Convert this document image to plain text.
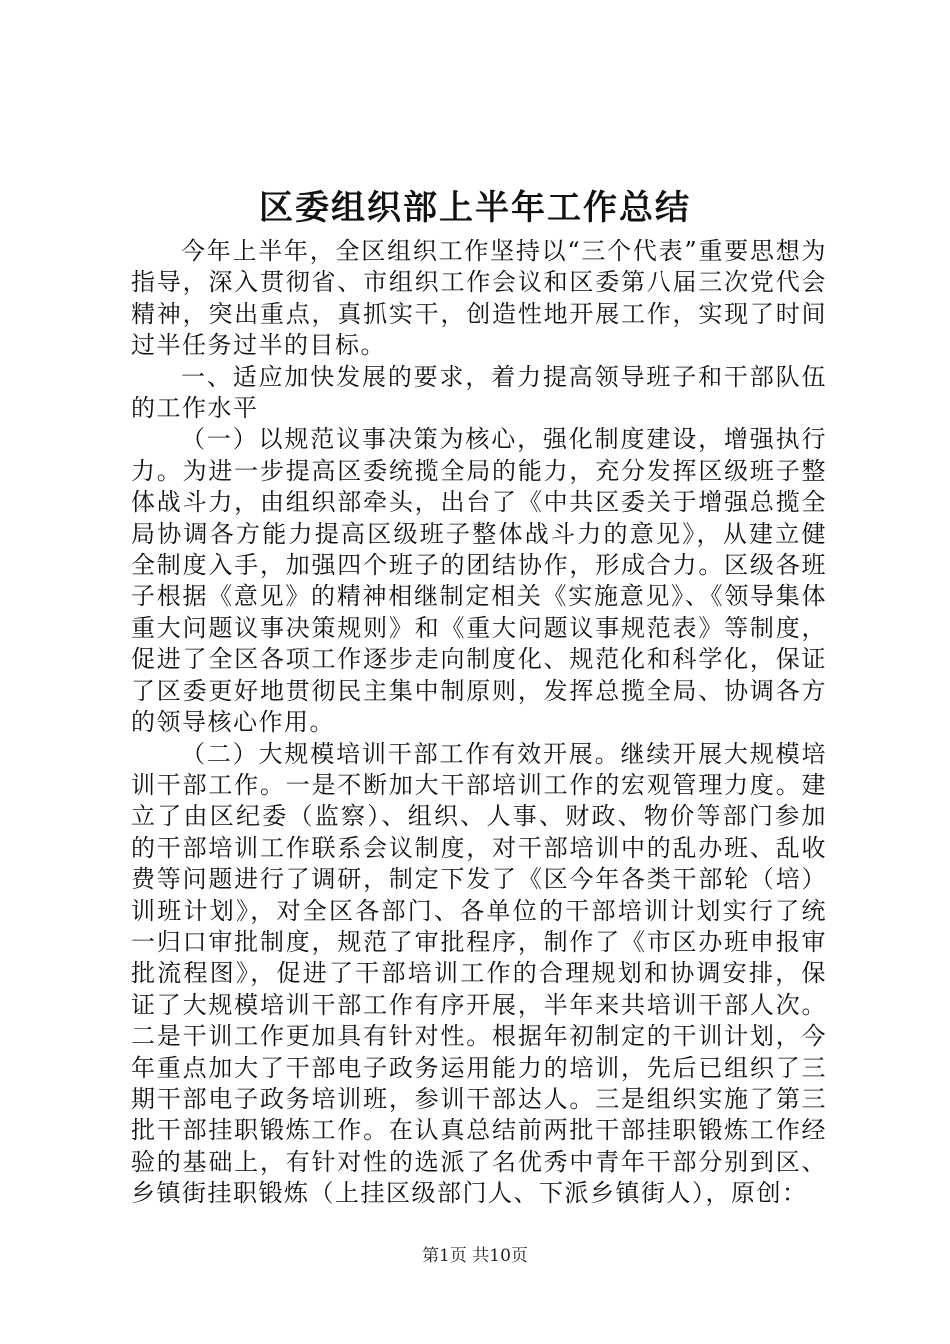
区委组织部上半年工作总结

今年上半年，全区组织工作坚持以“三个代表”重要思想为指导，深入贯彻省、市组织工作会议和区委第八届三次党代会精神，突出重点，真抓实干，创造性地开展工作，实现了时间过半任务过半的目标。

一、适应加快发展的要求，着力提高领导班子和干部队伍的工作水平

（一）以规范议事决策为核心，强化制度建设，增强执行力。为进一步提高区委统揽全局的能力，充分发挥区级班子整体战斗力，由组织部牵头，出台了《中共区委关于增强总揽全局协调各方能力提高区级班子整体战斗力的意见》，从建立健全制度入手，加强四个班子的团结协作，形成合力。区级各班子根据《意见》的精神相继制定相关《实施意见》、《领导集体重大问题议事决策规则》和《重大问题议事规范表》等制度，促进了全区各项工作逐步走向制度化、规范化和科学化，保证了区委更好地贯彻民主集中制原则，发挥总揽全局、协调各方的领导核心作用。

（二）大规模培训干部工作有效开展。继续开展大规模培训干部工作。一是不断加大干部培训工作的宏观管理力度。建立了由区纪委（监察）、组织、人事、财政、物价等部门参加的干部培训工作联系会议制度，对干部培训中的乱办班、乱收费等问题进行了调研，制定下发了《区今年各类干部轮（培）训班计划》，对全区各部门、各单位的干部培训计划实行了统一归口审批制度，规范了审批程序，制作了《市区办班申报审批流程图》，促进了干部培训工作的合理规划和协调安排，保证了大规模培训干部工作有序开展，半年来共培训干部人次。二是干训工作更加具有针对性。根据年初制定的干训计划，今年重点加大了干部电子政务运用能力的培训，先后已组织了三期干部电子政务培训班，参训干部达人。三是组织实施了第三批干部挂职锻炼工作。在认真总结前两批干部挂职锻炼工作经验的基础上，有针对性的选派了名优秀中青年干部分别到区、乡镇街挂职锻炼（上挂区级部门人、下派乡镇街人），原创：

第1页 共10页
